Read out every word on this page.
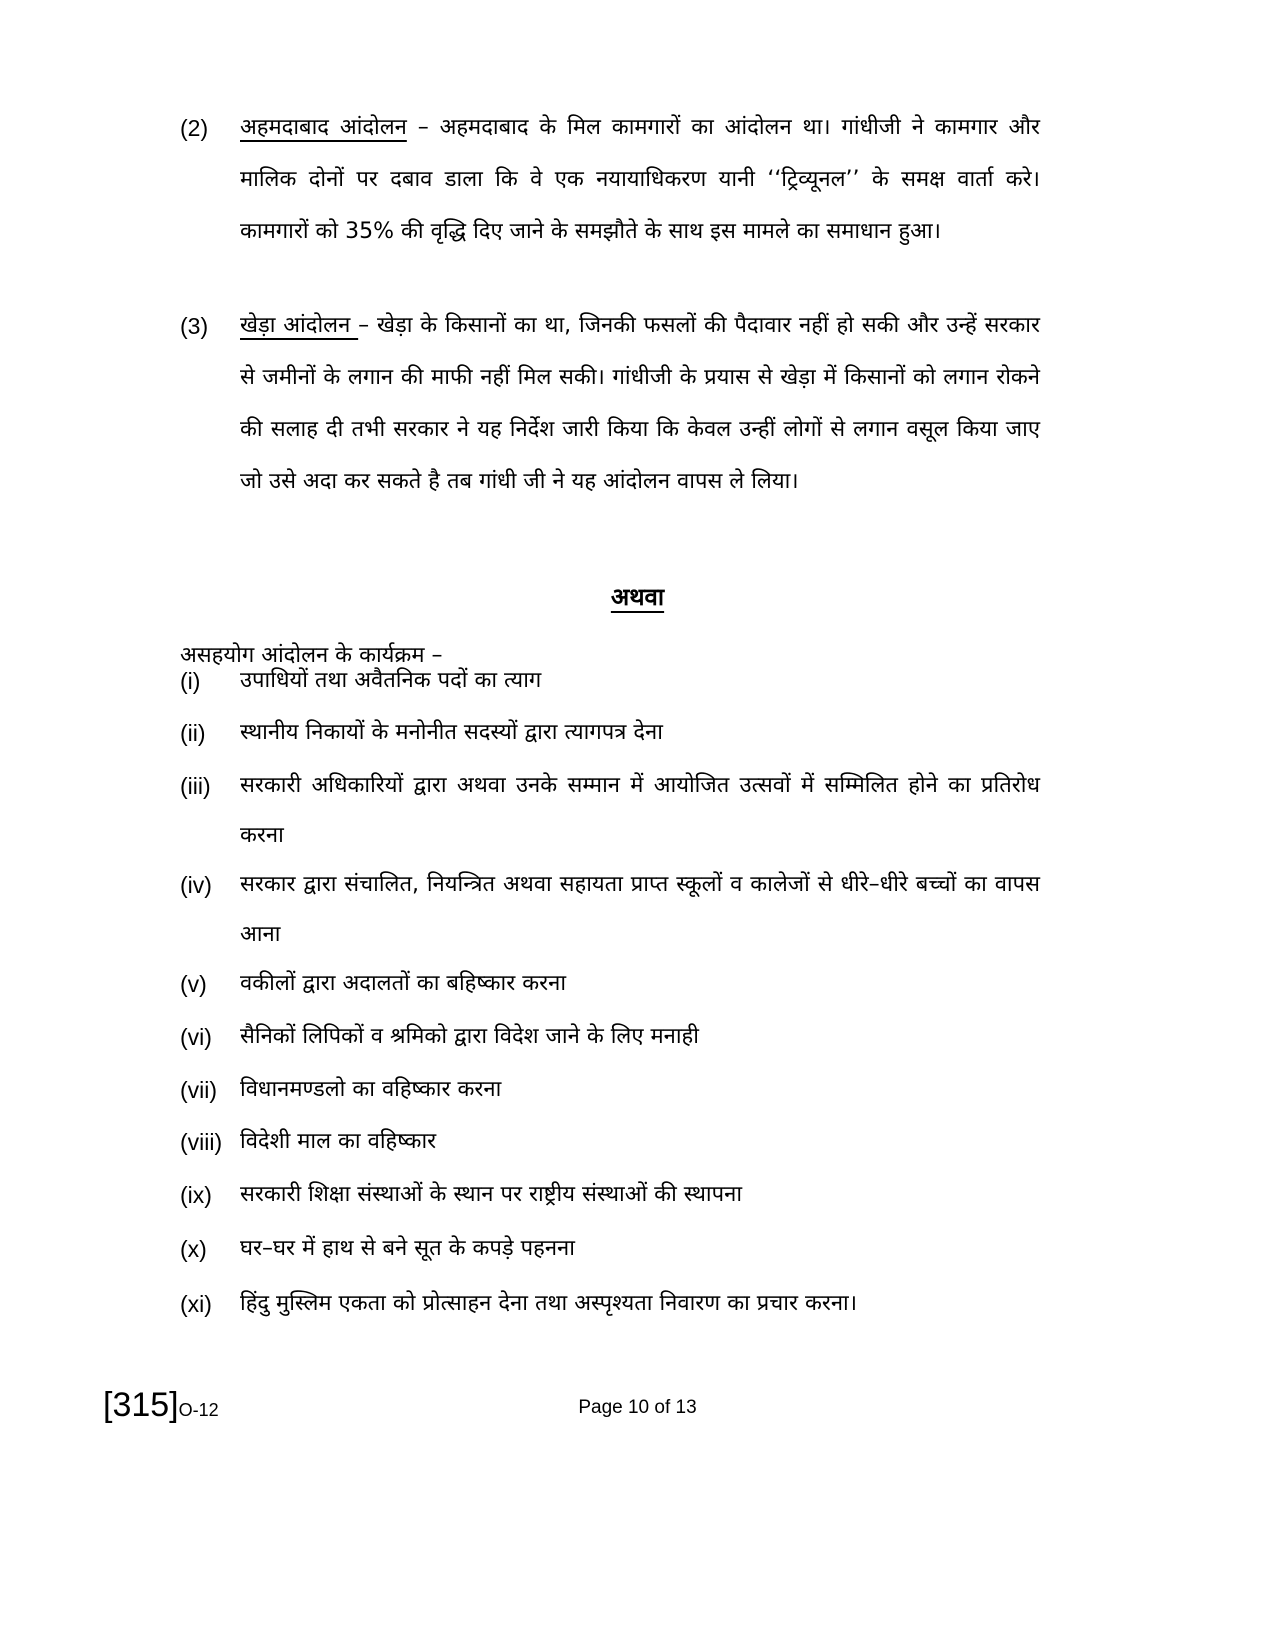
(2) अहमदाबाद आंदोलन – अहमदाबाद के मिल कामगारों का आंदोलन था। गांधीजी ने कामगार और मालिक दोनों पर दबाव डाला कि वे एक नयायाधिकरण यानी ‘‘ट्रिव्यूनल’’ के समक्ष वार्ता करे। कामगारों को 35% की वृद्धि दिए जाने के समझौते के साथ इस मामले का समाधान हुआ।
(3) खेड़ा आंदोलन – खेड़ा के किसानों का था, जिनकी फसलों की पैदावार नहीं हो सकी और उन्हें सरकार से जमीनों के लगान की माफी नहीं मिल सकी। गांधीजी के प्रयास से खेड़ा में किसानों को लगान रोकने की सलाह दी तभी सरकार ने यह निर्देश जारी किया कि केवल उन्हीं लोगों से लगान वसूल किया जाए जो उसे अदा कर सकते है तब गांधी जी ने यह आंदोलन वापस ले लिया।
अथवा
असहयोग आंदोलन के कार्यक्रम –
(i) उपाधियों तथा अवैतनिक पदों का त्याग
(ii) स्थानीय निकायों के मनोनीत सदस्यों द्वारा त्यागपत्र देना
(iii) सरकारी अधिकारियों द्वारा अथवा उनके सम्मान में आयोजित उत्सवों में सम्मिलित होने का प्रतिरोध करना
(iv) सरकार द्वारा संचालित, नियन्त्रित अथवा सहायता प्राप्त स्कूलों व कालेजों से धीरे–धीरे बच्चों का वापस आना
(v) वकीलों द्वारा अदालतों का बहिष्कार करना
(vi) सैनिकों लिपिकों व श्रमिको द्वारा विदेश जाने के लिए मनाही
(vii) विधानमण्डलो का वहिष्कार करना
(viii) विदेशी माल का वहिष्कार
(ix) सरकारी शिक्षा संस्थाओं के स्थान पर राष्ट्रीय संस्थाओं की स्थापना
(x) घर–घर में हाथ से बने सूत के कपड़े पहनना
(xi) हिंदु मुस्लिम एकता को प्रोत्साहन देना तथा अस्पृश्यता निवारण का प्रचार करना।
[315]O-12	Page 10 of 13
